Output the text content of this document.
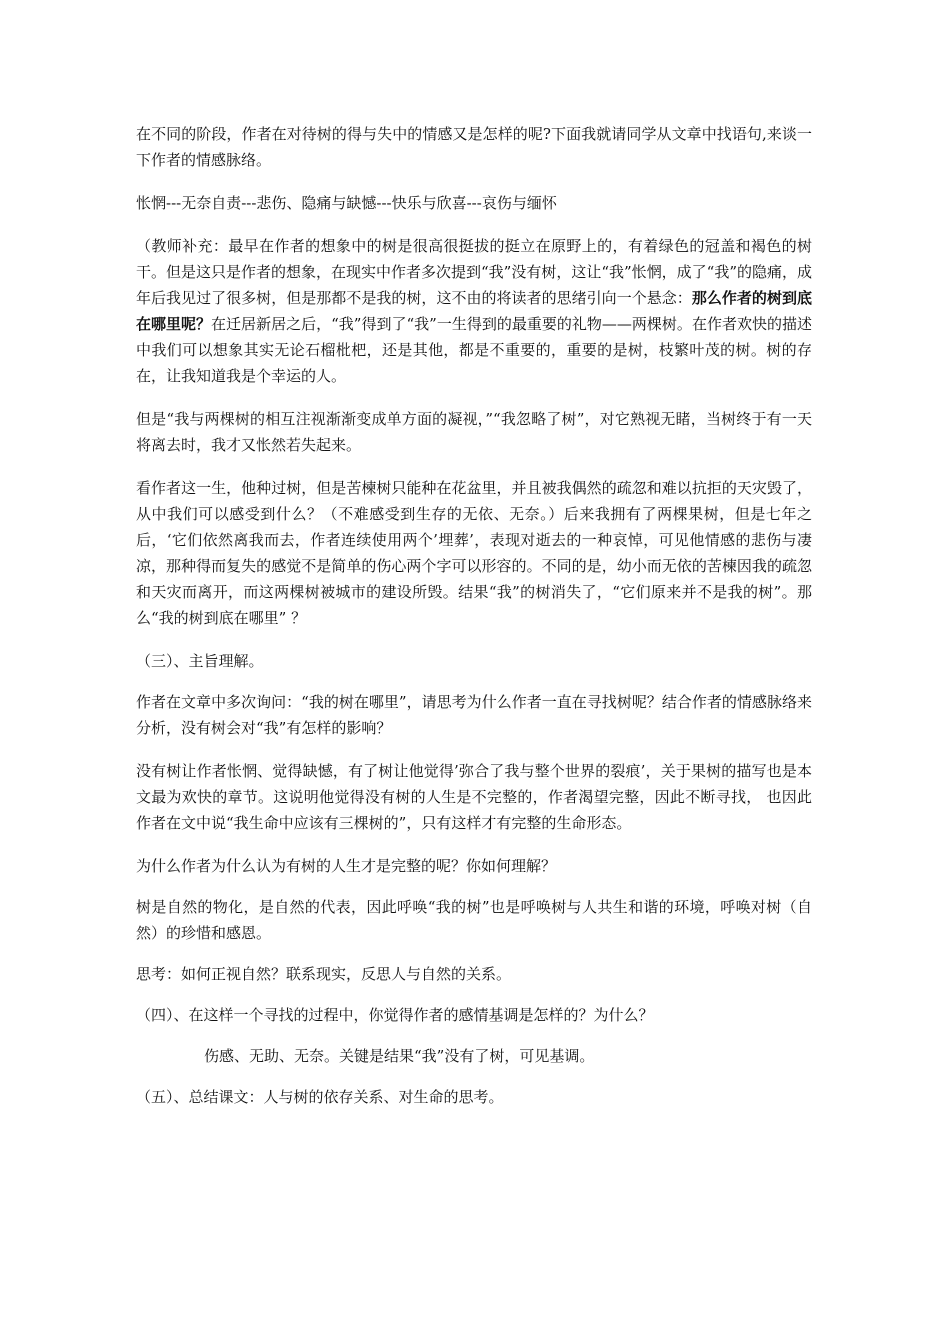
在不同的阶段，作者在对待树的得与失中的情感又是怎样的呢?下面我就请同学从文章中找语句,来谈一下作者的情感脉络。

怅惘---无奈自责---悲伤、隐痛与缺憾---快乐与欣喜---哀伤与缅怀

（教师补充：最早在作者的想象中的树是很高很挺拔的挺立在原野上的，有着绿色的冠盖和褐色的树干。但是这只是作者的想象，在现实中作者多次提到“我”没有树，这让“我”怅惘，成了“我”的隐痛，成年后我见过了很多树，但是那都不是我的树，这不由的将读者的思绪引向一个悬念：那么作者的树到底在哪里呢？在迁居新居之后，“我”得到了“我”一生得到的最重要的礼物——两棵树。在作者欢快的描述中我们可以想象其实无论石榴枇杷，还是其他，都是不重要的，重要的是树，枝繁叶茂的树。树的存在，让我知道我是个幸运的人。

但是“我与两棵树的相互注视渐渐变成单方面的凝视，”“我忽略了树”，对它熟视无睹，当树终于有一天将离去时，我才又怅然若失起来。

看作者这一生，他种过树，但是苦楝树只能种在花盆里，并且被我偶然的疏忽和难以抗拒的天灾毁了，从中我们可以感受到什么？（不难感受到生存的无依、无奈。）后来我拥有了两棵果树，但是七年之后，‘它们依然离我而去，作者连续使用两个’埋葬’，表现对逝去的一种哀悼，可见他情感的悲伤与凄凉，那种得而复失的感觉不是简单的伤心两个字可以形容的。不同的是，幼小而无依的苦楝因我的疏忽和天灾而离开，而这两棵树被城市的建设所毁。结果“我”的树消失了，“它们原来并不是我的树”。那么“我的树到底在哪里” ？

（三）、主旨理解。

作者在文章中多次询问：“我的树在哪里”，请思考为什么作者一直在寻找树呢？结合作者的情感脉络来分析，没有树会对“我”有怎样的影响？

没有树让作者怅惘、觉得缺憾，有了树让他觉得’弥合了我与整个世界的裂痕’，关于果树的描写也是本文最为欢快的章节。这说明他觉得没有树的人生是不完整的，作者渴望完整，因此不断寻找， 也因此作者在文中说“我生命中应该有三棵树的”，只有这样才有完整的生命形态。

为什么作者为什么认为有树的人生才是完整的呢？你如何理解？

树是自然的物化，是自然的代表，因此呼唤“我的树”也是呼唤树与人共生和谐的环境，呼唤对树（自然）的珍惜和感恩。

思考：如何正视自然？联系现实，反思人与自然的关系。

（四）、在这样一个寻找的过程中，你觉得作者的感情基调是怎样的？为什么？

伤感、无助、无奈。关键是结果“我”没有了树，可见基调。

（五）、总结课文：人与树的依存关系、对生命的思考。
